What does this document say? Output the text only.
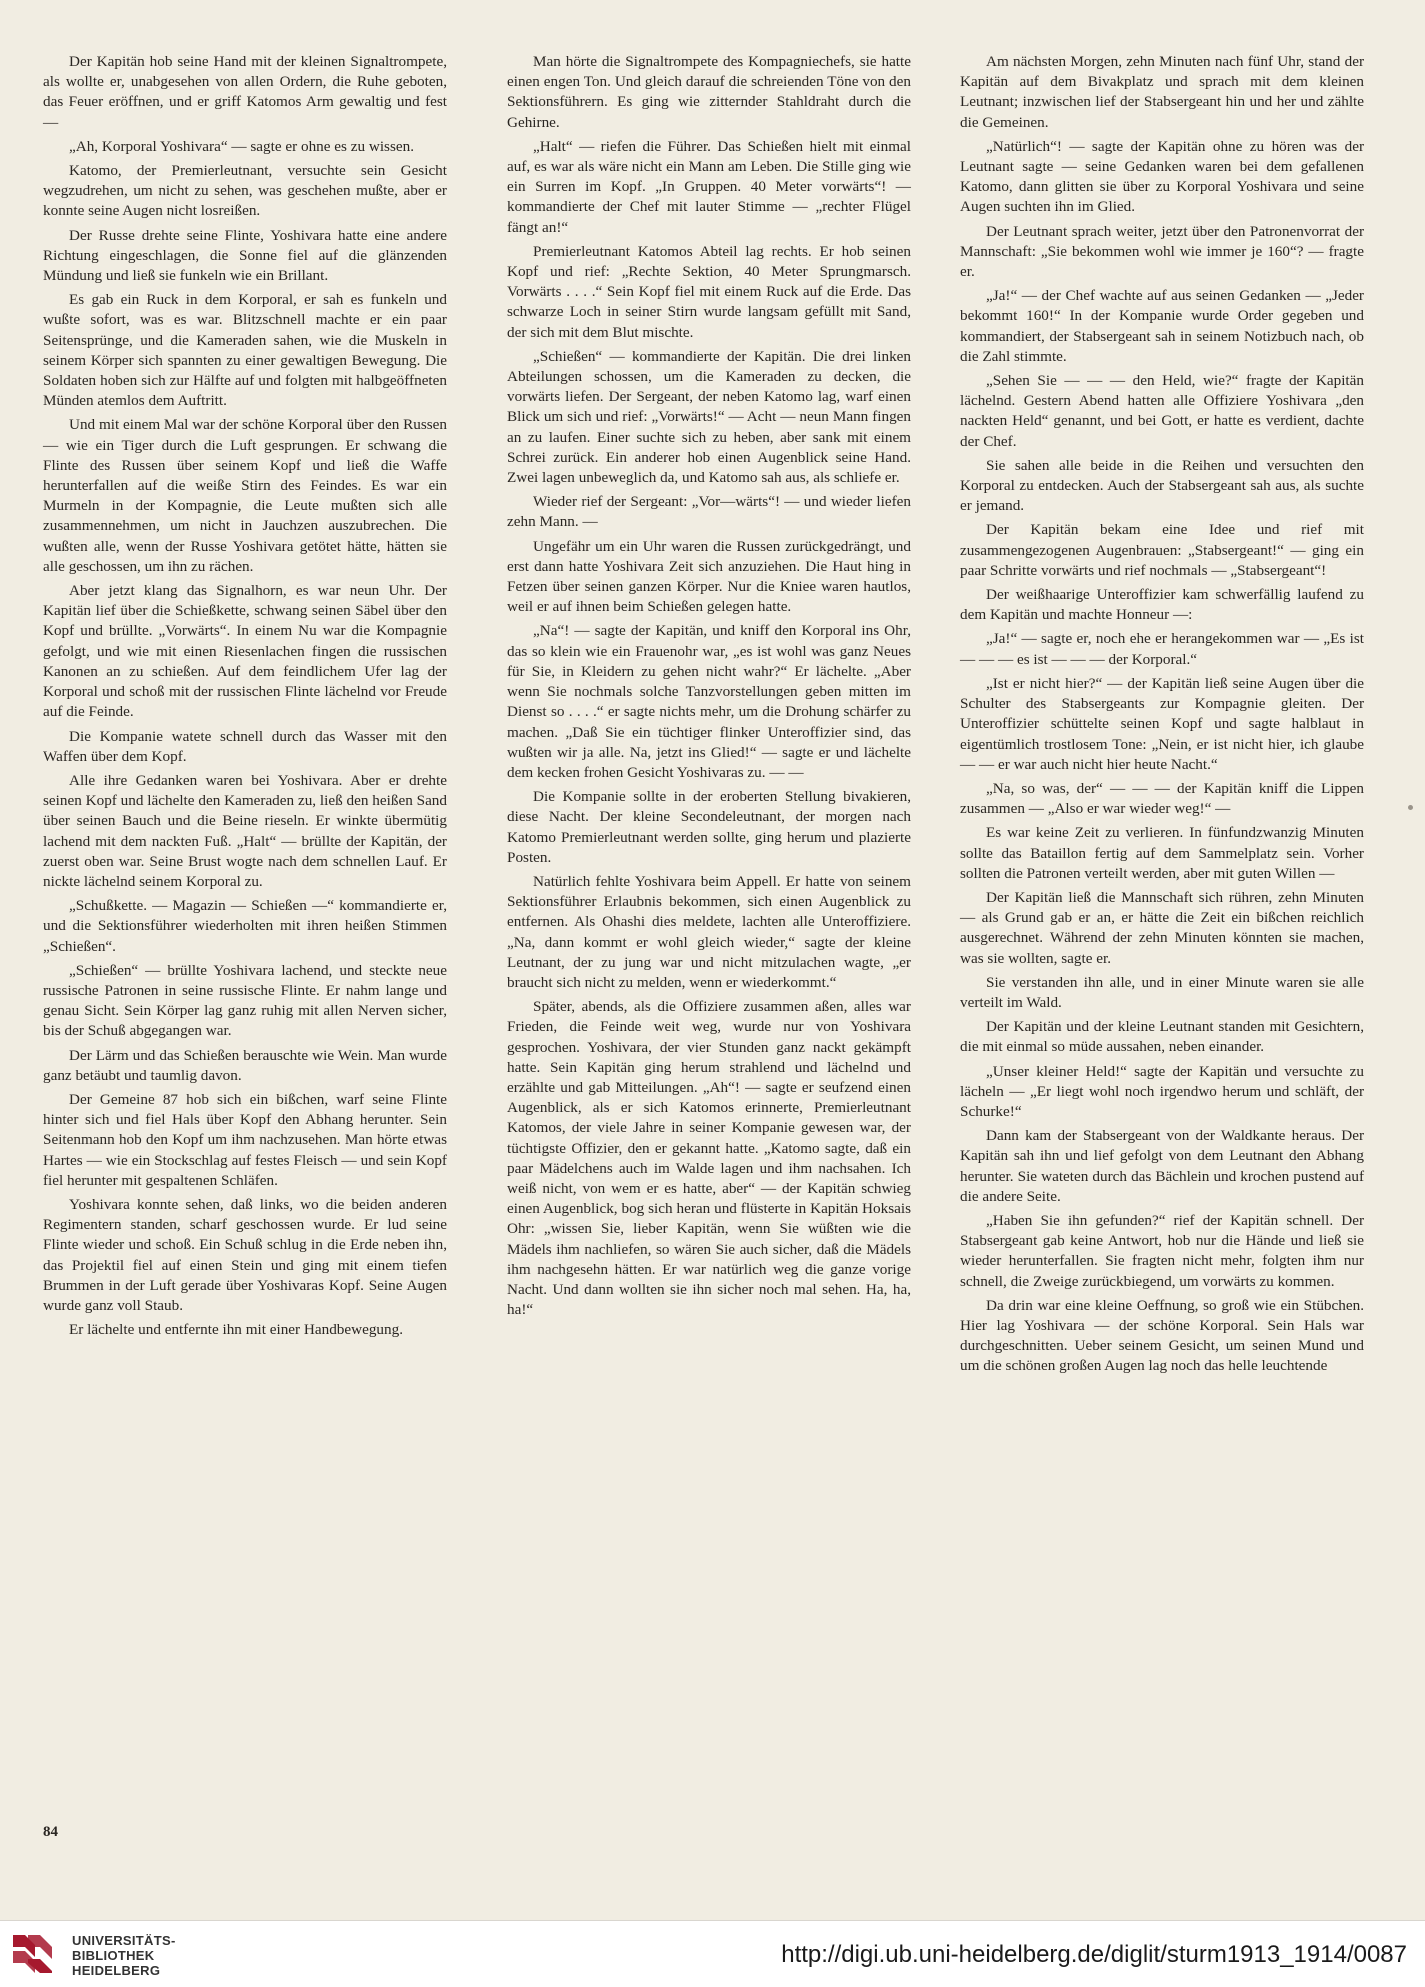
Der Kapitän hob seine Hand mit der kleinen Signaltrompete, als wollte er, unabgesehen von allen Ordern, die Ruhe geboten, das Feuer eröffnen, und er griff Katomos Arm gewaltig und fest —

„Ah, Korporal Yoshivara“ — sagte er ohne es zu wissen.

Katomo, der Premierleutnant, versuchte sein Gesicht wegzudrehen, um nicht zu sehen, was geschehen mußte, aber er konnte seine Augen nicht losreißen.

Der Russe drehte seine Flinte, Yoshivara hatte eine andere Richtung eingeschlagen, die Sonne fiel auf die glänzenden Mündung und ließ sie funkeln wie ein Brillant.

Es gab ein Ruck in dem Korporal, er sah es funkeln und wußte sofort, was es war. Blitzschnell machte er ein paar Seitensprünge, und die Kameraden sahen, wie die Muskeln in seinem Körper sich spannten zu einer gewaltigen Bewegung. Die Soldaten hoben sich zur Hälfte auf und folgten mit halbgeöffneten Münden atemlos dem Auftritt.

Und mit einem Mal war der schöne Korporal über den Russen — wie ein Tiger durch die Luft gesprungen. Er schwang die Flinte des Russen über seinem Kopf und ließ die Waffe herunterfallen auf die weiße Stirn des Feindes. Es war ein Murmeln in der Kompagnie, die Leute mußten sich alle zusammennehmen, um nicht in Jauchzen auszubrechen. Die wußten alle, wenn der Russe Yoshivara getötet hätte, hätten sie alle geschossen, um ihn zu rächen.

Aber jetzt klang das Signalhorn, es war neun Uhr. Der Kapitän lief über die Schießkette, schwang seinen Säbel über den Kopf und brüllte. „Vorwärts“. In einem Nu war die Kompagnie gefolgt, und wie mit einen Riesenlachen fingen die russischen Kanonen an zu schießen. Auf dem feindlichem Ufer lag der Korporal und schoß mit der russischen Flinte lächelnd vor Freude auf die Feinde.

Die Kompanie watete schnell durch das Wasser mit den Waffen über dem Kopf.

Alle ihre Gedanken waren bei Yoshivara. Aber er drehte seinen Kopf und lächelte den Kameraden zu, ließ den heißen Sand über seinen Bauch und die Beine rieseln. Er winkte übermütig lachend mit dem nackten Fuß. „Halt“ — brüllte der Kapitän, der zuerst oben war. Seine Brust wogte nach dem schnellen Lauf. Er nickte lächelnd seinem Korporal zu.

„Schußkette. — Magazin — Schießen —“ kommandierte er, und die Sektionsführer wiederholten mit ihren heißen Stimmen „Schießen“.

„Schießen“ — brüllte Yoshivara lachend, und steckte neue russische Patronen in seine russische Flinte. Er nahm lange und genau Sicht. Sein Körper lag ganz ruhig mit allen Nerven sicher, bis der Schuß abgegangen war.

Der Lärm und das Schießen berauschte wie Wein. Man wurde ganz betäubt und taumlig davon.

Der Gemeine 87 hob sich ein bißchen, warf seine Flinte hinter sich und fiel Hals über Kopf den Abhang herunter. Sein Seitenmann hob den Kopf um ihm nachzusehen. Man hörte etwas Hartes — wie ein Stockschlag auf festes Fleisch — und sein Kopf fiel herunter mit gespaltenen Schläfen.

Yoshivara konnte sehen, daß links, wo die beiden anderen Regimentern standen, scharf geschossen wurde. Er lud seine Flinte wieder und schoß. Ein Schuß schlug in die Erde neben ihn, das Projektil fiel auf einen Stein und ging mit einem tiefen Brummen in der Luft gerade über Yoshivaras Kopf. Seine Augen wurde ganz voll Staub.

Er lächelte und entfernte ihn mit einer Handbewegung.

Man hörte die Signaltrompete des Kompagniechefs, sie hatte einen engen Ton. Und gleich darauf die schreienden Töne von den Sektionsführern. Es ging wie zitternder Stahldraht durch die Gehirne.

„Halt“ — riefen die Führer. Das Schießen hielt mit einmal auf, es war als wäre nicht ein Mann am Leben. Die Stille ging wie ein Surren im Kopf. „In Gruppen. 40 Meter vorwärts“! — kommandierte der Chef mit lauter Stimme — „rechter Flügel fängt an!“

Premierleutnant Katomos Abteil lag rechts. Er hob seinen Kopf und rief: „Rechte Sektion, 40 Meter Sprungmarsch. Vorwärts . . . .“ Sein Kopf fiel mit einem Ruck auf die Erde. Das schwarze Loch in seiner Stirn wurde langsam gefüllt mit Sand, der sich mit dem Blut mischte.

„Schießen“ — kommandierte der Kapitän. Die drei linken Abteilungen schossen, um die Kameraden zu decken, die vorwärts liefen. Der Sergeant, der neben Katomo lag, warf einen Blick um sich und rief: „Vorwärts!“ — Acht — neun Mann fingen an zu laufen. Einer suchte sich zu heben, aber sank mit einem Schrei zurück. Ein anderer hob einen Augenblick seine Hand. Zwei lagen unbeweglich da, und Katomo sah aus, als schliefe er.

Wieder rief der Sergeant: „Vor—wärts“! — und wieder liefen zehn Mann. —

Ungefähr um ein Uhr waren die Russen zurückgedrängt, und erst dann hatte Yoshivara Zeit sich anzuziehen. Die Haut hing in Fetzen über seinen ganzen Körper. Nur die Kniee waren hautlos, weil er auf ihnen beim Schießen gelegen hatte.

„Na“! — sagte der Kapitän, und kniff den Korporal ins Ohr, das so klein wie ein Frauenohr war, „es ist wohl was ganz Neues für Sie, in Kleidern zu gehen nicht wahr?“ Er lächelte. „Aber wenn Sie nochmals solche Tanzvorstellungen geben mitten im Dienst so . . . .“ er sagte nichts mehr, um die Drohung schärfer zu machen. „Daß Sie ein tüchtiger flinker Unteroffizier sind, das wußten wir ja alle. Na, jetzt ins Glied!“ — sagte er und lächelte dem kecken frohen Gesicht Yoshivaras zu. — —

Die Kompanie sollte in der eroberten Stellung bivakieren, diese Nacht. Der kleine Secondeleutnant, der morgen nach Katomo Premierleutnant werden sollte, ging herum und plazierte Posten.

Natürlich fehlte Yoshivara beim Appell. Er hatte von seinem Sektionsführer Erlaubnis bekommen, sich einen Augenblick zu entfernen. Als Ohashi dies meldete, lachten alle Unteroffiziere. „Na, dann kommt er wohl gleich wieder,“ sagte der kleine Leutnant, der zu jung war und nicht mitzulachen wagte, „er braucht sich nicht zu melden, wenn er wiederkommt.“

Später, abends, als die Offiziere zusammen aßen, alles war Frieden, die Feinde weit weg, wurde nur von Yoshivara gesprochen. Yoshivara, der vier Stunden ganz nackt gekämpft hatte. Sein Kapitän ging herum strahlend und lächelnd und erzählte und gab Mitteilungen. „Ah“! — sagte er seufzend einen Augenblick, als er sich Katomos erinnerte, Premierleutnant Katomos, der viele Jahre in seiner Kompanie gewesen war, der tüchtigste Offizier, den er gekannt hatte. „Katomo sagte, daß ein paar Mädelchens auch im Walde lagen und ihm nachsahen. Ich weiß nicht, von wem er es hatte, aber“ — der Kapitän schwieg einen Augenblick, bog sich heran und flüsterte in Kapitän Hoksais Ohr: „wissen Sie, lieber Kapitän, wenn Sie wüßten wie die Mädels ihm nachliefen, so wären Sie auch sicher, daß die Mädels ihm nachgesehn hätten. Er war natürlich weg die ganze vorige Nacht. Und dann wollten sie ihn sicher noch mal sehen. Ha, ha, ha!“

Am nächsten Morgen, zehn Minuten nach fünf Uhr, stand der Kapitän auf dem Bivakplatz und sprach mit dem kleinen Leutnant; inzwischen lief der Stabsergeant hin und her und zählte die Gemeinen.

„Natürlich“! — sagte der Kapitän ohne zu hören was der Leutnant sagte — seine Gedanken waren bei dem gefallenen Katomo, dann glitten sie über zu Korporal Yoshivara und seine Augen suchten ihn im Glied.

Der Leutnant sprach weiter, jetzt über den Patronenvorrat der Mannschaft: „Sie bekommen wohl wie immer je 160“? — fragte er.

„Ja!“ — der Chef wachte auf aus seinen Gedanken — „Jeder bekommt 160!“ In der Kompanie wurde Order gegeben und kommandiert, der Stabsergeant sah in seinem Notizbuch nach, ob die Zahl stimmte.

„Sehen Sie — — — den Held, wie?“ fragte der Kapitän lächelnd. Gestern Abend hatten alle Offiziere Yoshivara „den nackten Held“ genannt, und bei Gott, er hatte es verdient, dachte der Chef.

Sie sahen alle beide in die Reihen und versuchten den Korporal zu entdecken. Auch der Stabsergeant sah aus, als suchte er jemand.

Der Kapitän bekam eine Idee und rief mit zusammengezogenen Augenbrauen: „Stabsergeant!“ — ging ein paar Schritte vorwärts und rief nochmals — „Stabsergeant“!

Der weißhaarige Unteroffizier kam schwerfällig laufend zu dem Kapitän und machte Honneur —:

„Ja!“ — sagte er, noch ehe er herangekommen war — „Es ist — — — es ist — — — der Korporal.“

„Ist er nicht hier?“ — der Kapitän ließ seine Augen über die Schulter des Stabsergeants zur Kompagnie gleiten. Der Unteroffizier schüttelte seinen Kopf und sagte halblaut in eigentümlich trostlosem Tone: „Nein, er ist nicht hier, ich glaube — — er war auch nicht hier heute Nacht.“

„Na, so was, der“ — — — der Kapitän kniff die Lippen zusammen — „Also er war wieder weg!“ —

Es war keine Zeit zu verlieren. In fünfundzwanzig Minuten sollte das Bataillon fertig auf dem Sammelplatz sein. Vorher sollten die Patronen verteilt werden, aber mit guten Willen —

Der Kapitän ließ die Mannschaft sich rühren, zehn Minuten — als Grund gab er an, er hätte die Zeit ein bißchen reichlich ausgerechnet. Während der zehn Minuten könnten sie machen, was sie wollten, sagte er.

Sie verstanden ihn alle, und in einer Minute waren sie alle verteilt im Wald.

Der Kapitän und der kleine Leutnant standen mit Gesichtern, die mit einmal so müde aussahen, neben einander.

„Unser kleiner Held!“ sagte der Kapitän und versuchte zu lächeln — „Er liegt wohl noch irgendwo herum und schläft, der Schurke!“

Dann kam der Stabsergeant von der Waldkante heraus. Der Kapitän sah ihn und lief gefolgt von dem Leutnant den Abhang herunter. Sie wateten durch das Bächlein und krochen pustend auf die andere Seite.

„Haben Sie ihn gefunden?“ rief der Kapitän schnell. Der Stabsergeant gab keine Antwort, hob nur die Hände und ließ sie wieder herunterfallen. Sie fragten nicht mehr, folgten ihm nur schnell, die Zweige zurückbiegend, um vorwärts zu kommen.

Da drin war eine kleine Oeffnung, so groß wie ein Stübchen. Hier lag Yoshivara — der schöne Korporal. Sein Hals war durchgeschnitten. Ueber seinem Gesicht, um seinen Mund und um die schönen großen Augen lag noch das helle leuchtende

84
UNIVERSITÄTS-
BIBLIOTHEK
HEIDELBERG
http://digi.ub.uni-heidelberg.de/diglit/sturm1913_1914/0087
